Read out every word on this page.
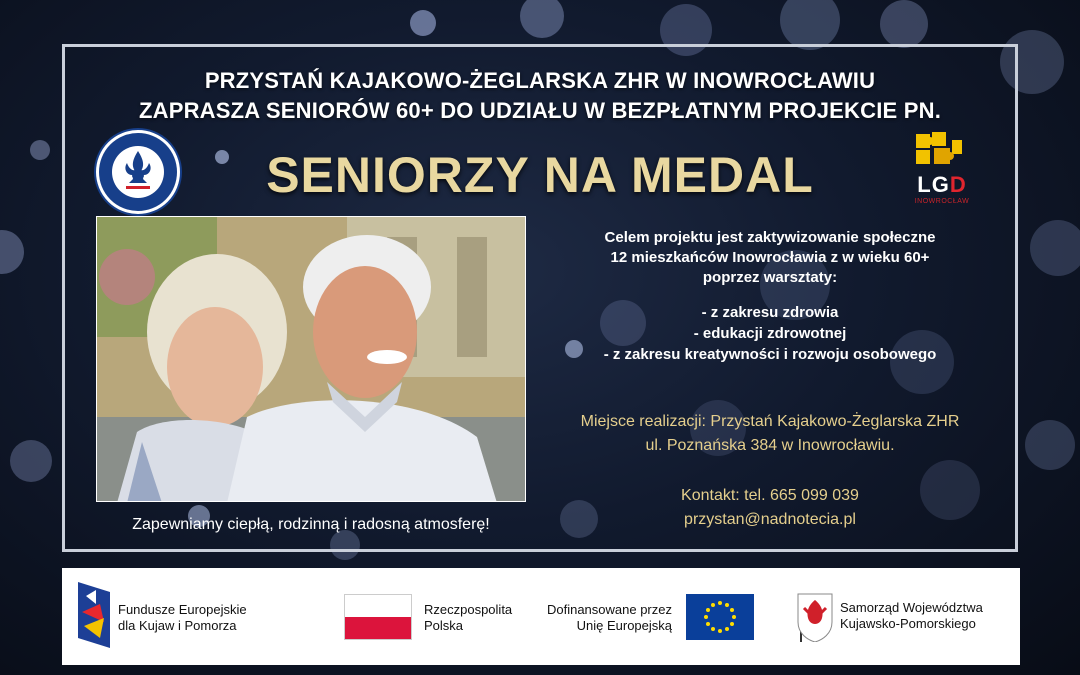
PRZYSTAŃ KAJAKOWO-ŻEGLARSKA ZHR W INOWROCŁAWIU
ZAPRASZA SENIORÓW 60+ DO UDZIAŁU W BEZPŁATNYM PROJEKCIE PN.
SENIORZY NA MEDAL	LGD
INOWROCŁAW
Zapewniamy ciepłą, rodzinną i radosną atmosferę!
Celem projektu jest zaktywizowanie społeczne
12 mieszkańców Inowrocławia z w wieku 60+
poprzez warsztaty:
- z zakresu zdrowia
- edukacji zdrowotnej
- z zakresu kreatywności i rozwoju osobowego
Miejsce realizacji: Przystań Kajakowo-Żeglarska ZHR
ul. Poznańska 384 w Inowrocławiu.
Kontakt: tel. 665 099 039
przystan@nadnotecia.pl
Fundusze Europejskie
dla Kujaw i Pomorza
Rzeczpospolita
Polska
Dofinansowane przez
Unię Europejską
Samorząd Województwa
Kujawsko-Pomorskiego
